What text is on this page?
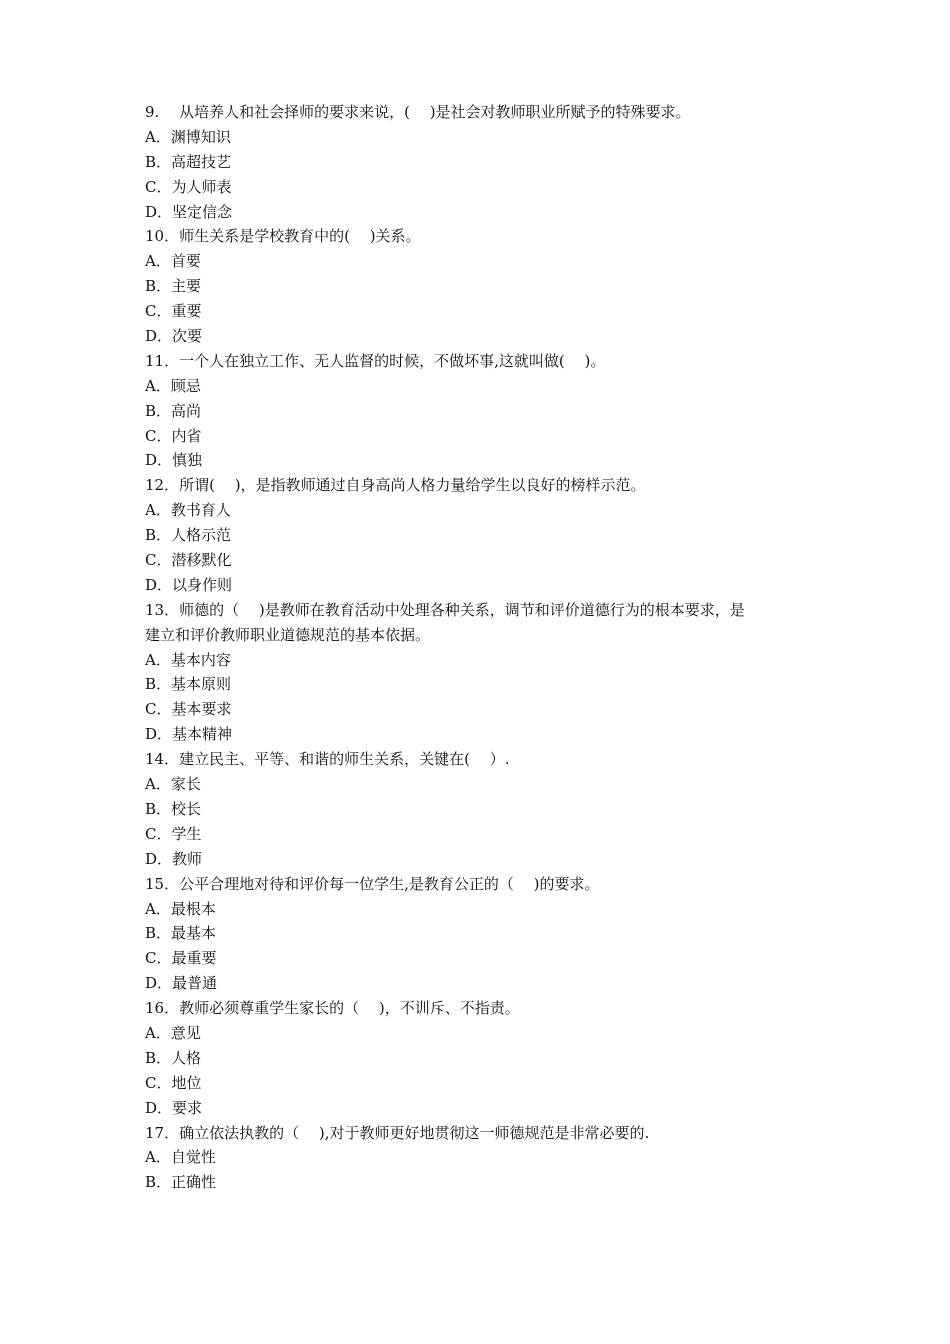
9.　 从培养人和社会择师的要求来说，(　 )是社会对教师职业所赋予的特殊要求。

A．渊博知识

B．高超技艺

C．为人师表

D．坚定信念

10．师生关系是学校教育中的(　 )关系。

A．首要

B．主要

C．重要

D．次要

11．一个人在独立工作、无人监督的时候，不做坏事,这就叫做(　 )。

A．顾忌

B．高尚

C．内省

D．慎独

12．所谓(　 )，是指教师通过自身高尚人格力量给学生以良好的榜样示范。

A．教书育人

B．人格示范

C．潜移默化

D．以身作则

13．师德的（　 )是教师在教育活动中处理各种关系，调节和评价道德行为的根本要求，是

建立和评价教师职业道德规范的基本依据。

A．基本内容

B．基本原则

C．基本要求

D．基本精神

14．建立民主、平等、和谐的师生关系，关键在(　 ）.

A．家长

B．校长

C．学生

D．教师

15．公平合理地对待和评价每一位学生,是教育公正的（　 )的要求。

A．最根本

B．最基本

C．最重要

D．最普通

16．教师必须尊重学生家长的（　 )，不训斥、不指责。

A．意见

B．人格

C．地位

D．要求

17．确立依法执教的（　 ),对于教师更好地贯彻这一师德规范是非常必要的.

A．自觉性

B．正确性
